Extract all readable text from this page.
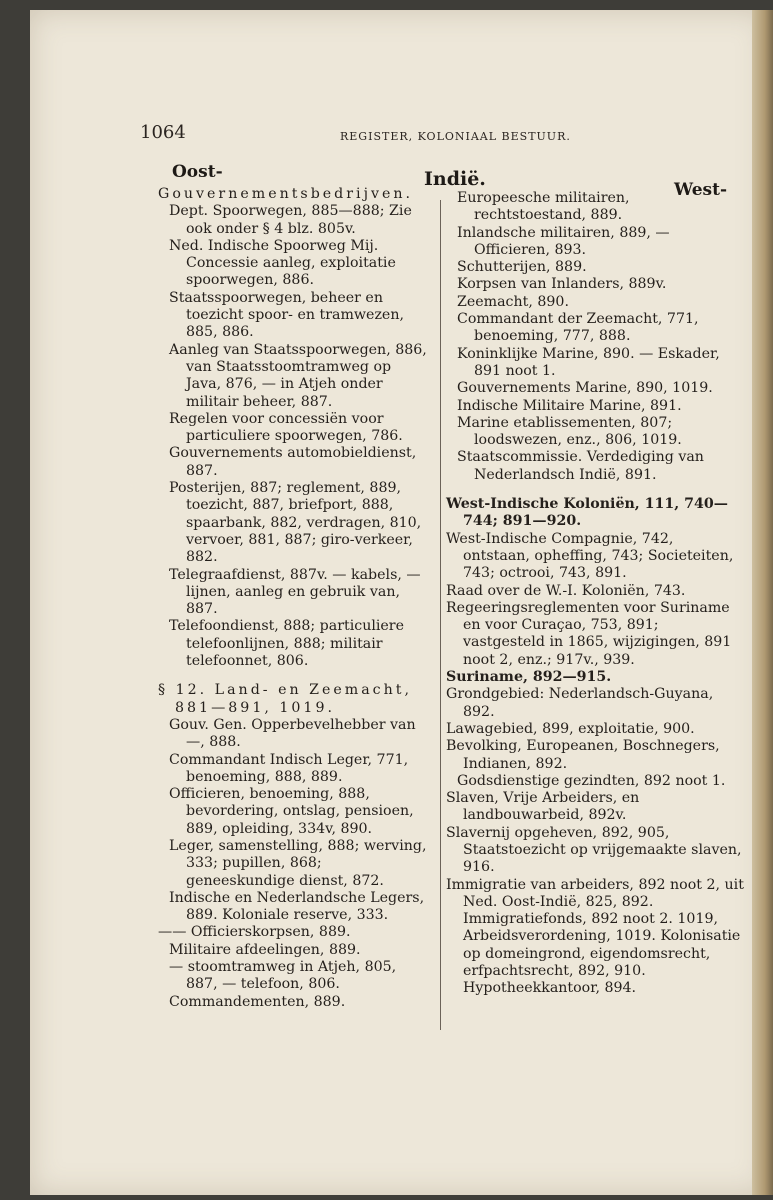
1064	REGISTER, KOLONIAAL BESTUUR.
Oost-	Indië.	West-

Gouvernementsbedrijven.

Dept. Spoorwegen, 885—888; Zie ook onder § 4 blz. 805v.

Ned. Indische Spoorweg Mij. Concessie aanleg, exploitatie spoorwegen, 886.

Staatsspoorwegen, beheer en toezicht spoor- en tramwezen, 885, 886.

Aanleg van Staatsspoorwegen, 886, van Staatsstoomtramweg op Java, 876, — in Atjeh onder militair beheer, 887.

Regelen voor concessiën voor particuliere spoorwegen, 786.

Gouvernements automobieldienst, 887.

Posterijen, 887; reglement, 889, toezicht, 887, briefport, 888, spaarbank, 882, verdragen, 810, vervoer, 881, 887; giro-verkeer, 882.

Telegraafdienst, 887v. — kabels, — lijnen, aanleg en gebruik van, 887.

Telefoondienst, 888; particuliere telefoonlijnen, 888; militair telefoonnet, 806.

§ 12. Land- en Zeemacht, 881—891, 1019.

Gouv. Gen. Opperbevelhebber van —, 888.

Commandant Indisch Leger, 771, benoeming, 888, 889.

Officieren, benoeming, 888, bevordering, ontslag, pensioen, 889, opleiding, 334v, 890.

Leger, samenstelling, 888; werving, 333; pupillen, 868; geneeskundige dienst, 872.

Indische en Nederlandsche Legers, 889. Koloniale reserve, 333.

—— Officierskorpsen, 889.

Militaire afdeelingen, 889.

— stoomtramweg in Atjeh, 805, 887, — telefoon, 806.

Commandementen, 889.

Europeesche militairen, rechtstoestand, 889.

Inlandsche militairen, 889, — Officieren, 893.

Schutterijen, 889.

Korpsen van Inlanders, 889v.

Zeemacht, 890.

Commandant der Zeemacht, 771, benoeming, 777, 888.

Koninklijke Marine, 890. — Eskader, 891 noot 1.

Gouvernements Marine, 890, 1019.

Indische Militaire Marine, 891.

Marine etablissementen, 807; loodswezen, enz., 806, 1019.

Staatscommissie. Verdediging van Nederlandsch Indië, 891.

West-Indische Koloniën, 111, 740—744; 891—920.

West-Indische Compagnie, 742, ontstaan, opheffing, 743; Societeiten, 743; octrooi, 743, 891.

Raad over de W.-I. Koloniën, 743.

Regeeringsreglementen voor Suriname en voor Curaçao, 753, 891; vastgesteld in 1865, wijzigingen, 891 noot 2, enz.; 917v., 939.

Suriname, 892—915.

Grondgebied: Nederlandsch-Guyana, 892.

Lawagebied, 899, exploitatie, 900.

Bevolking, Europeanen, Boschnegers, Indianen, 892.

Godsdienstige gezindten, 892 noot 1.

Slaven, Vrije Arbeiders, en landbouwarbeid, 892v.

Slavernij opgeheven, 892, 905, Staatstoezicht op vrijgemaakte slaven, 916.

Immigratie van arbeiders, 892 noot 2, uit Ned. Oost-Indië, 825, 892. Immigratiefonds, 892 noot 2. 1019, Arbeidsverordening, 1019. Kolonisatie op domeingrond, eigendomsrecht, erfpachtsrecht, 892, 910. Hypotheekkantoor, 894.
